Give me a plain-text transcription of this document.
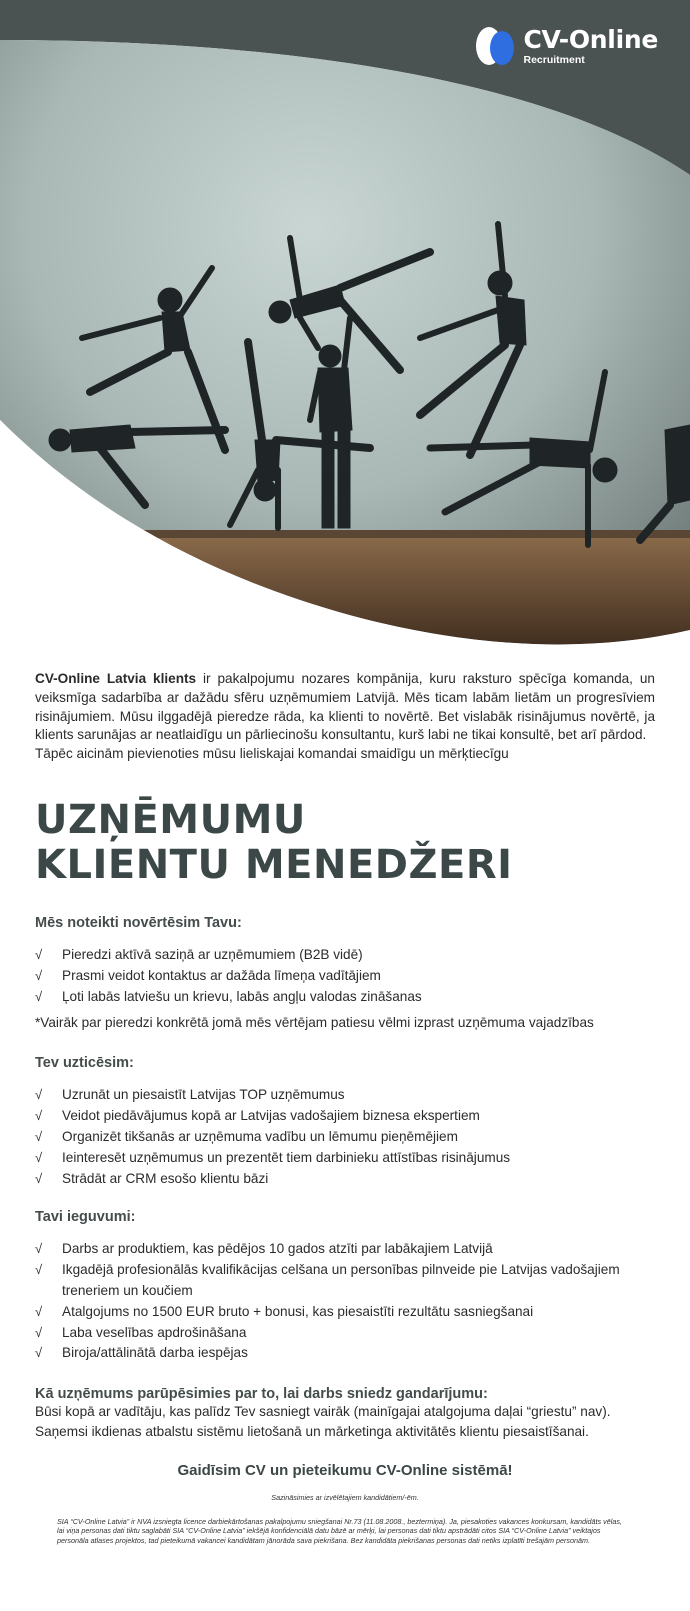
CV-Online
Recruitment

CV-Online Latvia klients ir pakalpojumu nozares kompānija, kuru raksturo spēcīga komanda, un veiksmīga sadarbība ar dažādu sfēru uzņēmumiem Latvijā. Mēs ticam labām lietām un progresīviem risinājumiem. Mūsu ilggadējā pieredze rāda, ka klienti to novērtē. Bet vislabāk risinājumus novērtē, ja klients sarunājas ar neatlaidīgu un pārliecinošu konsultantu, kurš labi ne tikai konsultē, bet arī pārdod.
Tāpēc aicinām pievienoties mūsu lieliskajai komandai smaidīgu un mērķtiecīgu

UZŅĒMUMU
KLIENTU MENEDŽERI
Mēs noteikti novērtēsim Tavu:
√ Pieredzi aktīvā saziņā ar uzņēmumiem (B2B vidē)
√ Prasmi veidot kontaktus ar dažāda līmeņa vadītājiem
√ Ļoti labās latviešu un krievu, labās angļu valodas zināšanas

*Vairāk par pieredzi konkrētā jomā mēs vērtējam patiesu vēlmi izprast uzņēmuma vajadzības

Tev uzticēsim:
√ Uzrunāt un piesaistīt Latvijas TOP uzņēmumus
√ Veidot piedāvājumus kopā ar Latvijas vadošajiem biznesa ekspertiem
√ Organizēt tikšanās ar uzņēmuma vadību un lēmumu pieņēmējiem
√ Ieinteresēt uzņēmumus un prezentēt tiem darbinieku attīstības risinājumus
√ Strādāt ar CRM esošo klientu bāzi
Tavi ieguvumi:
√ Darbs ar produktiem, kas pēdējos 10 gados atzīti par labākajiem Latvijā
√ Ikgadējā profesionālās kvalifikācijas celšana un personības pilnveide pie Latvijas vadošajiem treneriem un koučiem
√ Atalgojums no 1500 EUR bruto + bonusi, kas piesaistīti rezultātu sasniegšanai
√ Laba veselības apdrošināšana
√ Biroja/attālinātā darba iespējas
Kā uzņēmums parūpēsimies par to, lai darbs sniedz gandarījumu:

Būsi kopā ar vadītāju, kas palīdz Tev sasniegt vairāk (mainīgajai atalgojuma daļai “griestu” nav).

Saņemsi ikdienas atbalstu sistēmu lietošanā un mārketinga aktivitātēs klientu piesaistīšanai.

Gaidīsim CV un pieteikumu CV-Online sistēmā!

Sazināsimies ar izvēlētajiem kandidātiem/-ēm.

SIA “CV-Online Latvia” ir NVA izsniegta licence darbiekārtošanas pakalpojumu sniegšanai Nr.73 (11.08.2008., beztermiņa). Ja, piesakoties vakances konkursam, kandidāts vēlas, lai viņa personas dati tiktu saglabāti SIA “CV-Online Latvia” iekšējā konfidenciālā datu bāzē ar mērķi, lai personas dati tiktu apstrādāti citos SIA “CV-Online Latvia” veiktajos personāla atlases projektos, tad pieteikumā vakancei kandidātam jānorāda sava piekrišana. Bez kandidāta piekrišanas personas dati netiks izplatīti trešajām personām.
